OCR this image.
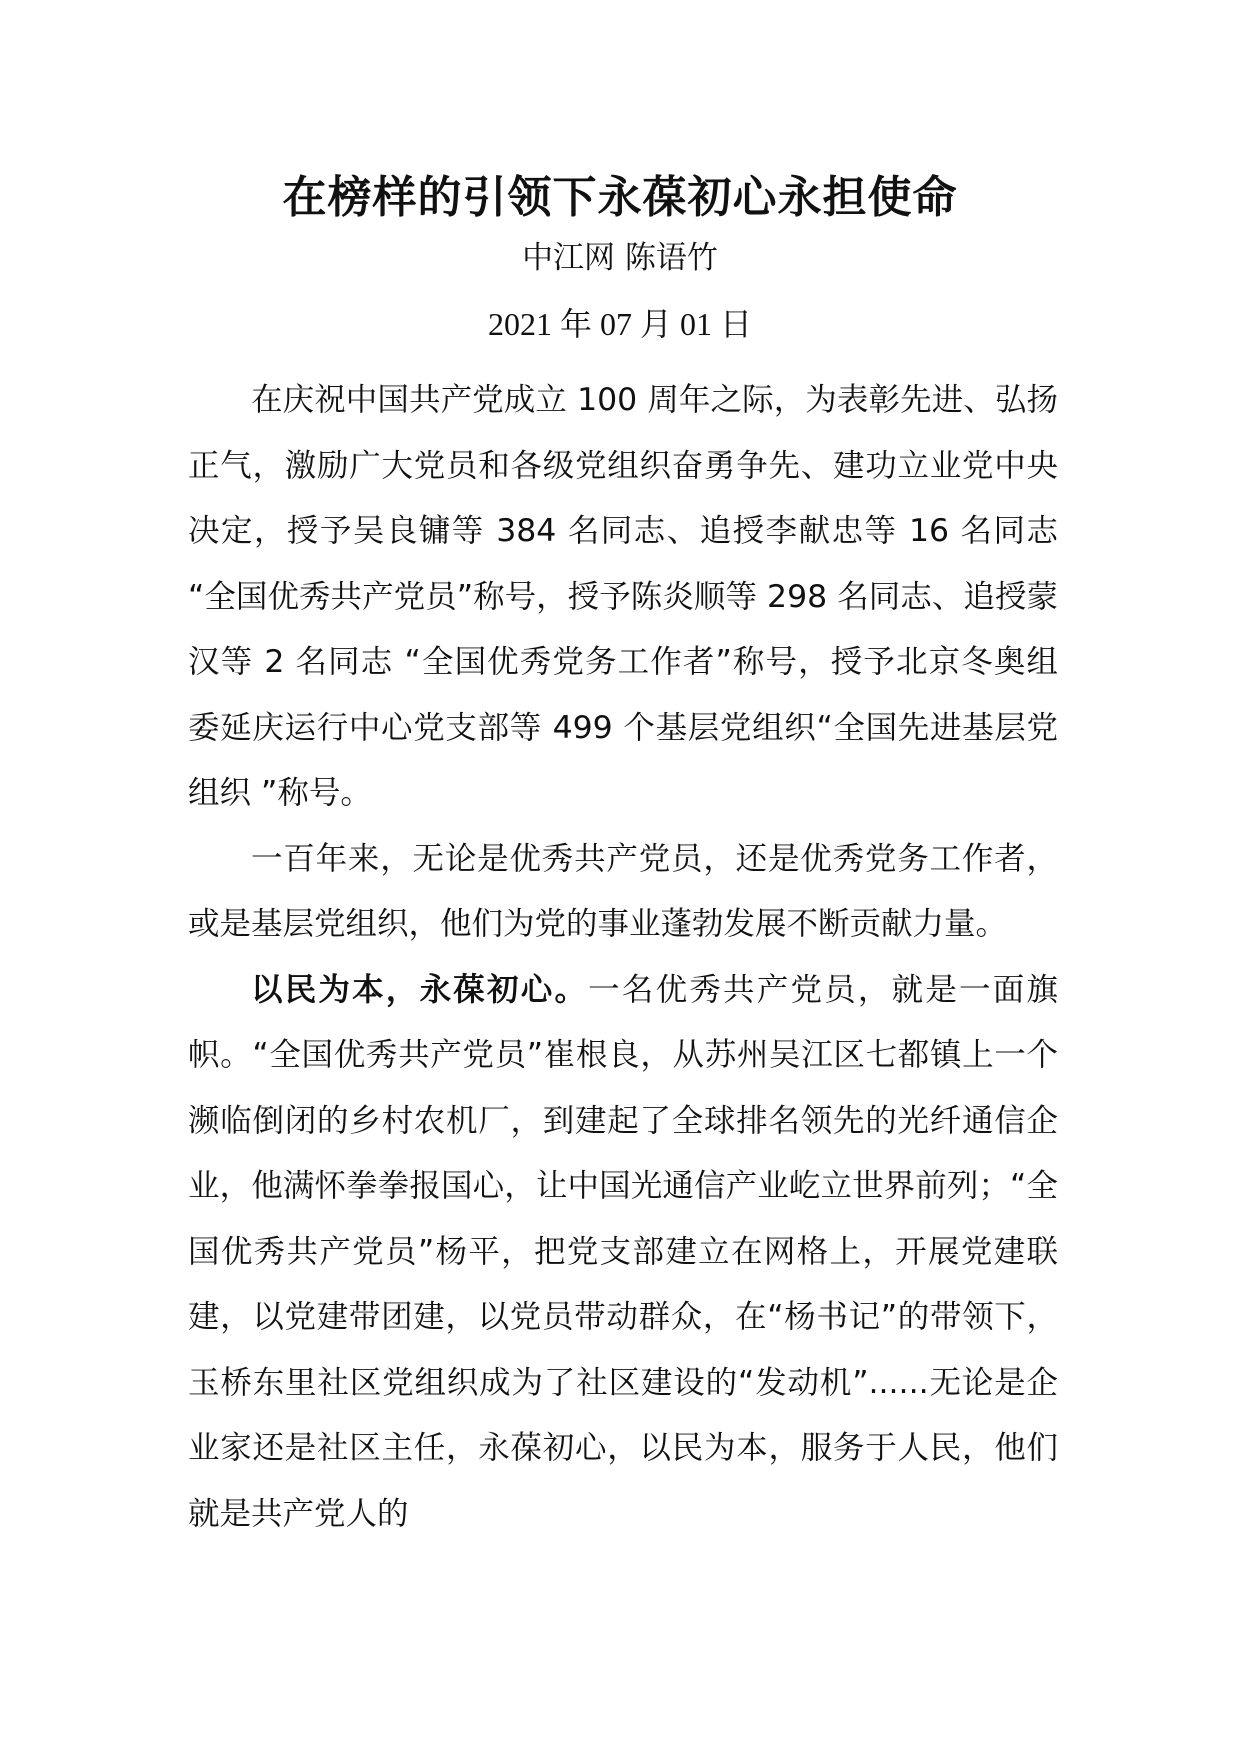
在榜样的引领下永葆初心永担使命
中江网 陈语竹
2021 年 07 月 01 日

在庆祝中国共产党成立 100 周年之际，为表彰先进、弘扬正气，激励广大党员和各级党组织奋勇争先、建功立业党中央决定，授予吴良镛等 384 名同志、追授李献忠等 16 名同志 “全国优秀共产党员”称号，授予陈炎顺等 298 名同志、追授蒙汉等 2 名同志 “全国优秀党务工作者”称号，授予北京冬奥组委延庆运行中心党支部等 499 个基层党组织“全国先进基层党组织 ”称号。

一百年来，无论是优秀共产党员，还是优秀党务工作者，或是基层党组织，他们为党的事业蓬勃发展不断贡献力量。

以民为本，永葆初心。一名优秀共产党员，就是一面旗帜。“全国优秀共产党员”崔根良，从苏州吴江区七都镇上一个濒临倒闭的乡村农机厂，到建起了全球排名领先的光纤通信企业，他满怀拳拳报国心，让中国光通信产业屹立世界前列；“全国优秀共产党员”杨平，把党支部建立在网格上，开展党建联建，以党建带团建，以党员带动群众，在“杨书记”的带领下，玉桥东里社区党组织成为了社区建设的“发动机”......无论是企业家还是社区主任，永葆初心，以民为本，服务于人民，他们就是共产党人的
